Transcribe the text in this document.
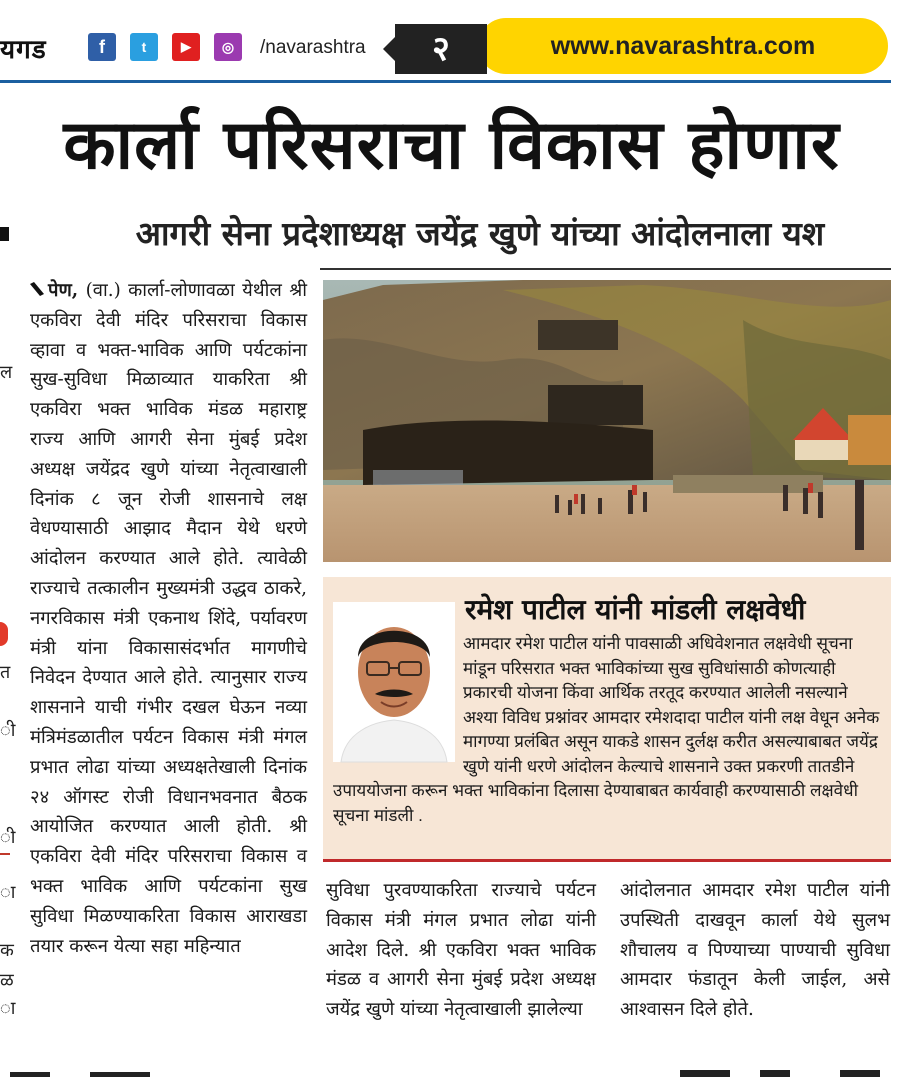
यगड	f	t	▶	◎	/navarashtra	www.navarashtra.com
२
कार्ला परिसराचा विकास होणार
आगरी सेना प्रदेशाध्यक्ष जयेंद्र खुणे यांच्या आंदोलनाला यश
ल
त
ी
ी
ा
क
ळ
ा
पेण, (वा.) कार्ला-लोणावळा येथील श्री एकविरा देवी मंदिर परिसराचा विकास व्हावा व भक्त-भाविक आणि पर्यटकांना सुख-सुविधा मिळाव्यात याकरिता श्री एकविरा भक्त भाविक मंडळ महाराष्ट्र राज्य आणि आगरी सेना मुंबई प्रदेश अध्यक्ष जयेंद्रद खुणे यांच्या नेतृत्वाखाली दिनांक ८ जून रोजी शासनाचे लक्ष वेधण्यासाठी आझाद मैदान येथे धरणे आंदोलन करण्यात आले होते. त्यावेळी राज्याचे तत्कालीन मुख्यमंत्री उद्धव ठाकरे, नगरविकास मंत्री एकनाथ शिंदे, पर्यावरण मंत्री यांना विकासासंदर्भात मागणीचे निवेदन देण्यात आले होते. त्यानुसार राज्य शासनाने याची गंभीर दखल घेऊन नव्या मंत्रिमंडळातील पर्यटन विकास मंत्री मंगल प्रभात लोढा यांच्या अध्यक्षतेखाली दिनांक २४ ऑगस्ट रोजी विधानभवनात बैठक आयोजित करण्यात आली होती. श्री एकविरा देवी मंदिर परिसराचा विकास व भक्त भाविक आणि पर्यटकांना सुख सुविधा मिळण्याकरिता विकास आराखडा तयार करून येत्या सहा महिन्यात
रमेश पाटील यांनी मांडली लक्षवेधी
आमदार रमेश पाटील यांनी पावसाळी अधिवेशनात लक्षवेधी सूचना मांडून परिसरात भक्त भाविकांच्या सुख सुविधांसाठी कोणत्याही प्रकारची योजना किंवा आर्थिक तरतूद करण्यात आलेली नसल्याने अश्या विविध प्रश्नांवर आमदार रमेशदादा पाटील यांनी लक्ष वेधून अनेक मागण्या प्रलंबित असून याकडे शासन दुर्लक्ष करीत असल्याबाबत जयेंद्र खुणे यांनी धरणे आंदोलन केल्याचे शासनाने उक्त प्रकरणी तातडीने उपाययोजना करून भक्त भाविकांना दिलासा देण्याबाबत कार्यवाही करण्यासाठी लक्षवेधी सूचना मांडली .
सुविधा पुरवण्याकरिता राज्याचे पर्यटन विकास मंत्री मंगल प्रभात लोढा यांनी आदेश दिले. श्री एकविरा भक्त भाविक मंडळ व आगरी सेना मुंबई प्रदेश अध्यक्ष जयेंद्र खुणे यांच्या नेतृत्वाखाली झालेल्या
आंदोलनात आमदार रमेश पाटील यांनी उपस्थिती दाखवून कार्ला येथे सुलभ शौचालय व पिण्याच्या पाण्याची सुविधा आमदार फंडातून केली जाईल, असे आश्वासन दिले होते.
